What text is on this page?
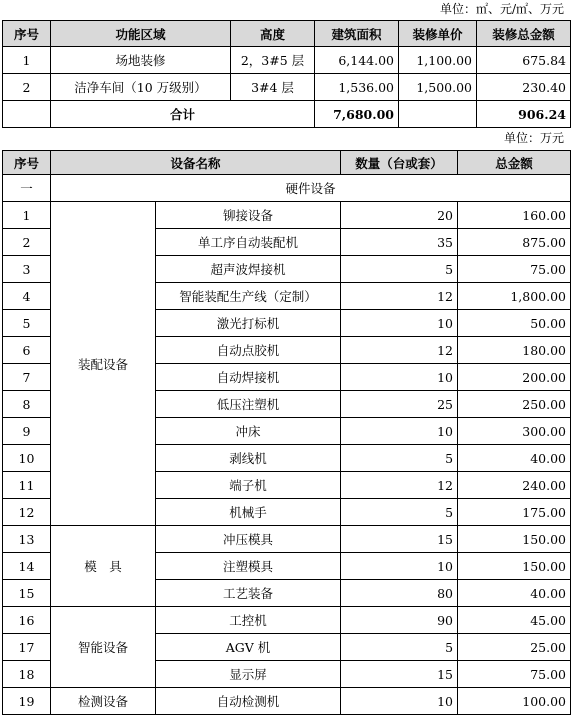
单位：㎡、元/㎡、万元
序号	功能区域	高度	建筑面积	装修单价	装修总金额
1	场地装修	2，3#5 层	6,144.00	1,100.00	675.84
2	洁净车间（10 万级别）	3#4 层	1,536.00	1,500.00	230.40
	合计		7,680.00		906.24
单位：万元
序号	设备名称		数量（台或套）	总金额
一	硬件设备			
1	装配设备	铆接设备	20	160.00
2		单工序自动装配机	35	875.00
3		超声波焊接机	5	75.00
4		智能装配生产线（定制）	12	1,800.00
5		激光打标机	10	50.00
6		自动点胶机	12	180.00
7		自动焊接机	10	200.00
8		低压注塑机	25	250.00
9		冲床	10	300.00
10		剥线机	5	40.00
11		端子机	12	240.00
12		机械手	5	175.00
13	模　具	冲压模具	15	150.00
14		注塑模具	10	150.00
15		工艺装备	80	40.00
16	智能设备	工控机	90	45.00
17		AGV 机	5	25.00
18		显示屏	15	75.00
19	检测设备	自动检测机	10	100.00
